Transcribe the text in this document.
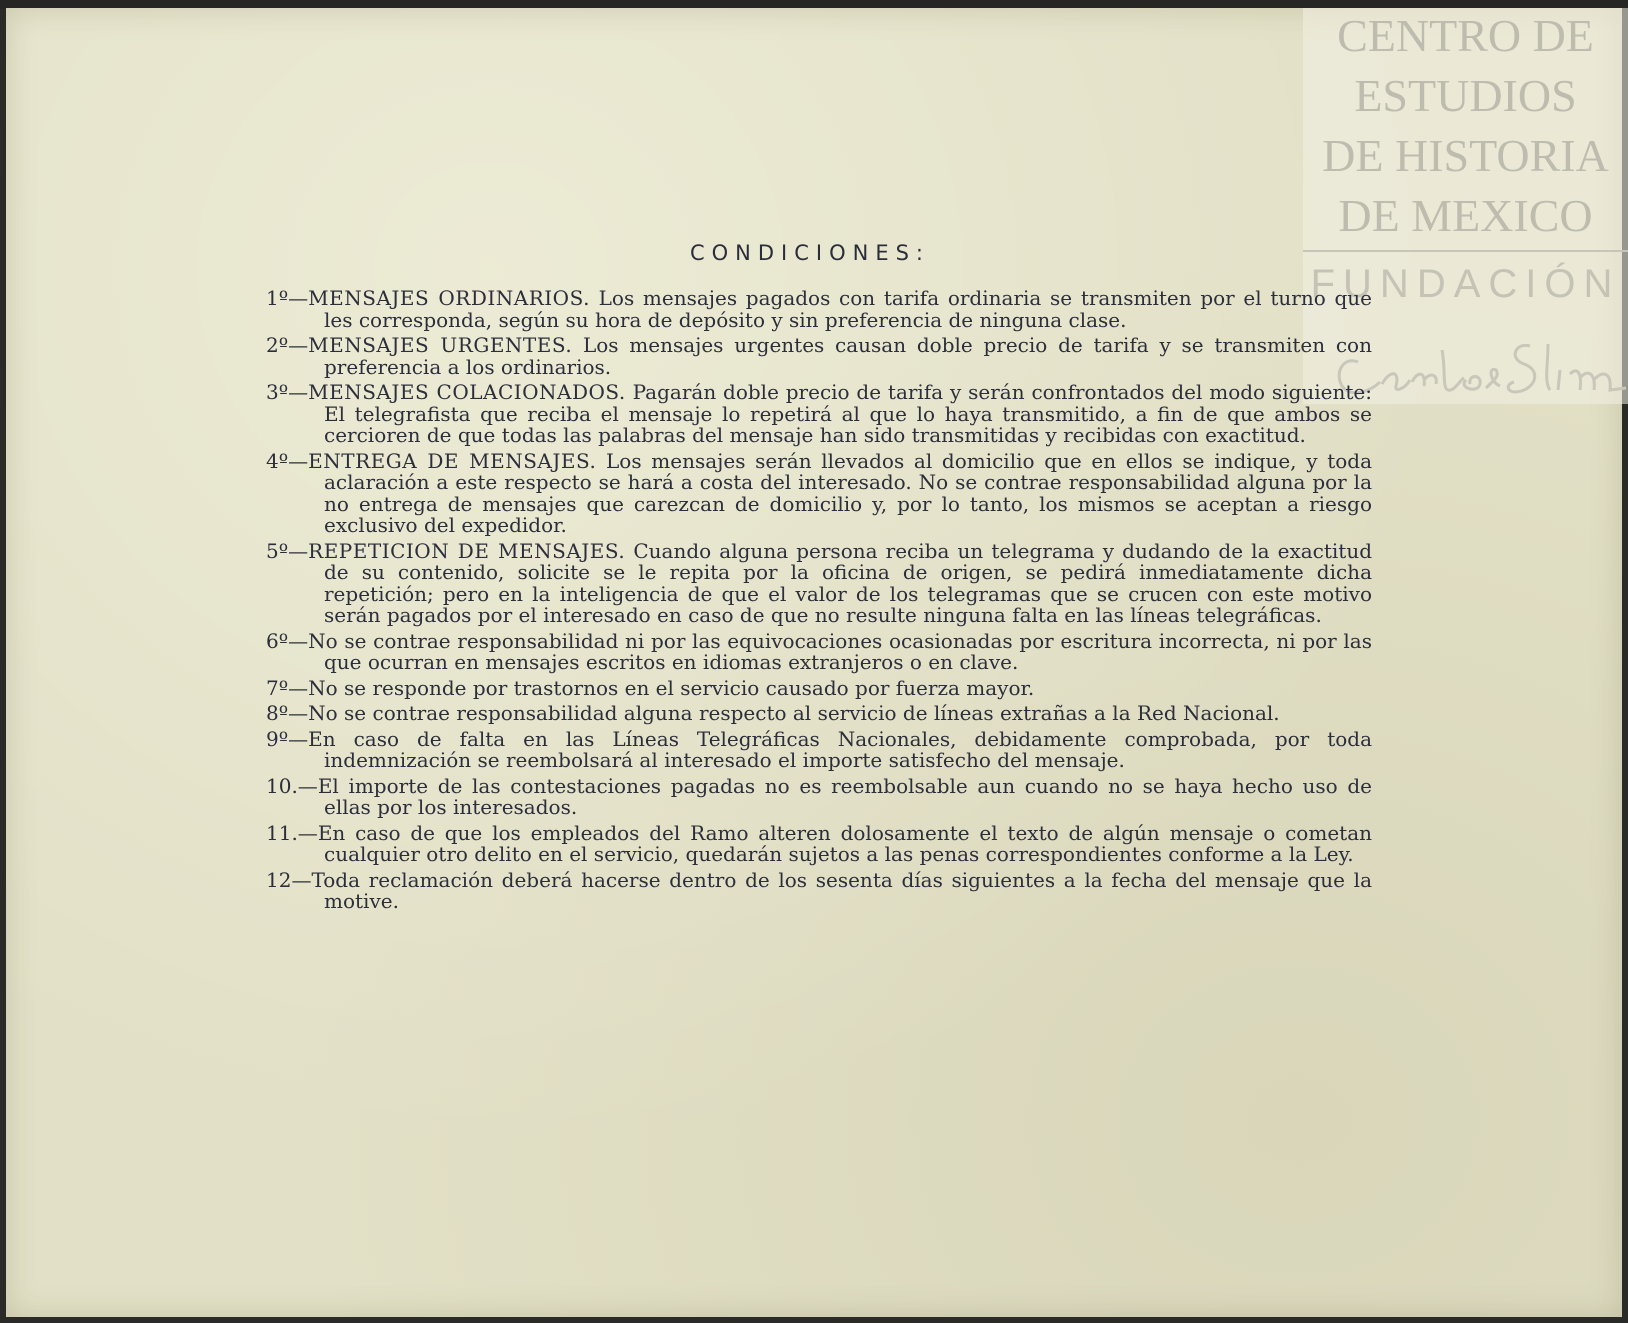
CENTRO DE
ESTUDIOS
DE HISTORIA
DE MEXICO
FUNDACIÓN
CONDICIONES:
1º—MENSAJES ORDINARIOS. Los mensajes pagados con tarifa ordinaria se transmiten por el turno que les corresponda, según su hora de depósito y sin preferencia de ninguna clase.
2º—MENSAJES URGENTES. Los mensajes urgentes causan doble precio de tarifa y se transmiten con preferencia a los ordinarios.
3º—MENSAJES COLACIONADOS. Pagarán doble precio de tarifa y serán confrontados del modo siguiente: El telegrafista que reciba el mensaje lo repetirá al que lo haya transmitido, a fin de que ambos se cercioren de que todas las palabras del mensaje han sido transmitidas y recibidas con exactitud.
4º—ENTREGA DE MENSAJES. Los mensajes serán llevados al domicilio que en ellos se indique, y toda aclaración a este respecto se hará a costa del interesado. No se contrae responsabilidad alguna por la no entrega de mensajes que carezcan de domicilio y, por lo tanto, los mismos se aceptan a riesgo exclusivo del expedidor.
5º—REPETICION DE MENSAJES. Cuando alguna persona reciba un telegrama y dudando de la exactitud de su contenido, solicite se le repita por la oficina de origen, se pedirá inmediatamente dicha repetición; pero en la inteligencia de que el valor de los telegramas que se crucen con este motivo serán pagados por el interesado en caso de que no resulte ninguna falta en las líneas telegráficas.
6º—No se contrae responsabilidad ni por las equivocaciones ocasionadas por escritura incorrecta, ni por las que ocurran en mensajes escritos en idiomas extranjeros o en clave.
7º—No se responde por trastornos en el servicio causado por fuerza mayor.
8º—No se contrae responsabilidad alguna respecto al servicio de líneas extrañas a la Red Nacional.
9º—En caso de falta en las Líneas Telegráficas Nacionales, debidamente comprobada, por toda indemnización se reembolsará al interesado el importe satisfecho del mensaje.
10.—El importe de las contestaciones pagadas no es reembolsable aun cuando no se haya hecho uso de ellas por los interesados.
11.—En caso de que los empleados del Ramo alteren dolosamente el texto de algún mensaje o cometan cualquier otro delito en el servicio, quedarán sujetos a las penas correspondientes conforme a la Ley.
12—Toda reclamación deberá hacerse dentro de los sesenta días siguientes a la fecha del mensaje que la motive.
